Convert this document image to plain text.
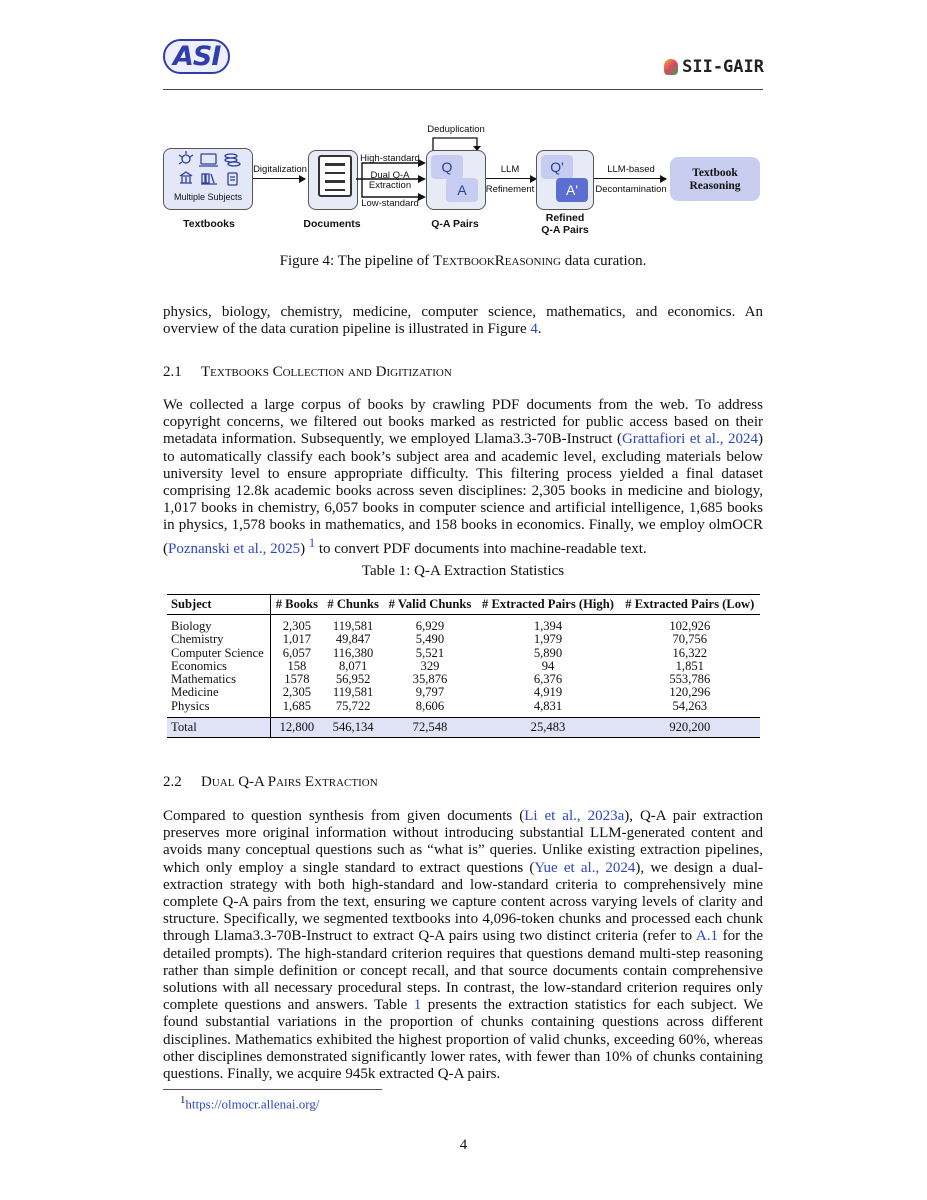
ASI	SII-GAIR
Multiple Subjects
Textbooks
Digitalization
Documents
High-standard
Dual Q-A
Extraction
Low-standard
Deduplication
Q
A
Q-A Pairs
LLM
Refinement
Q'
A'
Refined
Q-A Pairs
LLM-based
Decontamination
Textbook
Reasoning
Figure 4: The pipeline of TextbookReasoning data curation.
physics, biology, chemistry, medicine, computer science, mathematics, and economics. An overview of the data curation pipeline is illustrated in Figure 4.
2.1 Textbooks Collection and Digitization
We collected a large corpus of books by crawling PDF documents from the web. To address copyright concerns, we filtered out books marked as restricted for public access based on their metadata information. Subsequently, we employed Llama3.3-70B-Instruct (Grattafiori et al., 2024) to automatically classify each book’s subject area and academic level, excluding materials below university level to ensure appropriate difficulty. This filtering process yielded a final dataset comprising 12.8k academic books across seven disciplines: 2,305 books in medicine and biology, 1,017 books in chemistry, 6,057 books in computer science and artificial intelligence, 1,685 books in physics, 1,578 books in mathematics, and 158 books in economics. Finally, we employ olmOCR (Poznanski et al., 2025) $^1$ to convert PDF documents into machine-readable text.
Table 1: Q-A Extraction Statistics
Subject	# Books	# Chunks	# Valid Chunks	# Extracted Pairs (High)	# Extracted Pairs (Low)
Biology	2,305	119,581	6,929	1,394	102,926
Chemistry	1,017	49,847	5,490	1,979	70,756
Computer Science	6,057	116,380	5,521	5,890	16,322
Economics	158	8,071	329	94	1,851
Mathematics	1578	56,952	35,876	6,376	553,786
Medicine	2,305	119,581	9,797	4,919	120,296
Physics	1,685	75,722	8,606	4,831	54,263
Total	12,800	546,134	72,548	25,483	920,200
2.2 Dual Q-A Pairs Extraction
Compared to question synthesis from given documents (Li et al., 2023a), Q-A pair extraction preserves more original information without introducing substantial LLM-generated content and avoids many conceptual questions such as “what is” queries. Unlike existing extraction pipelines, which only employ a single standard to extract questions (Yue et al., 2024), we design a dual-extraction strategy with both high-standard and low-standard criteria to comprehensively mine complete Q-A pairs from the text, ensuring we capture content across varying levels of clarity and structure. Specifically, we segmented textbooks into 4,096-token chunks and processed each chunk through Llama3.3-70B-Instruct to extract Q-A pairs using two distinct criteria (refer to A.1 for the detailed prompts). The high-standard criterion requires that questions demand multi-step reasoning rather than simple definition or concept recall, and that source documents contain comprehensive solutions with all necessary procedural steps. In contrast, the low-standard criterion requires only complete questions and answers. Table 1 presents the extraction statistics for each subject. We found substantial variations in the proportion of chunks containing questions across different disciplines. Mathematics exhibited the highest proportion of valid chunks, exceeding 60%, whereas other disciplines demonstrated significantly lower rates, with fewer than 10% of chunks containing questions. Finally, we acquire 945k extracted Q-A pairs.
$^1$https://olmocr.allenai.org/
4
